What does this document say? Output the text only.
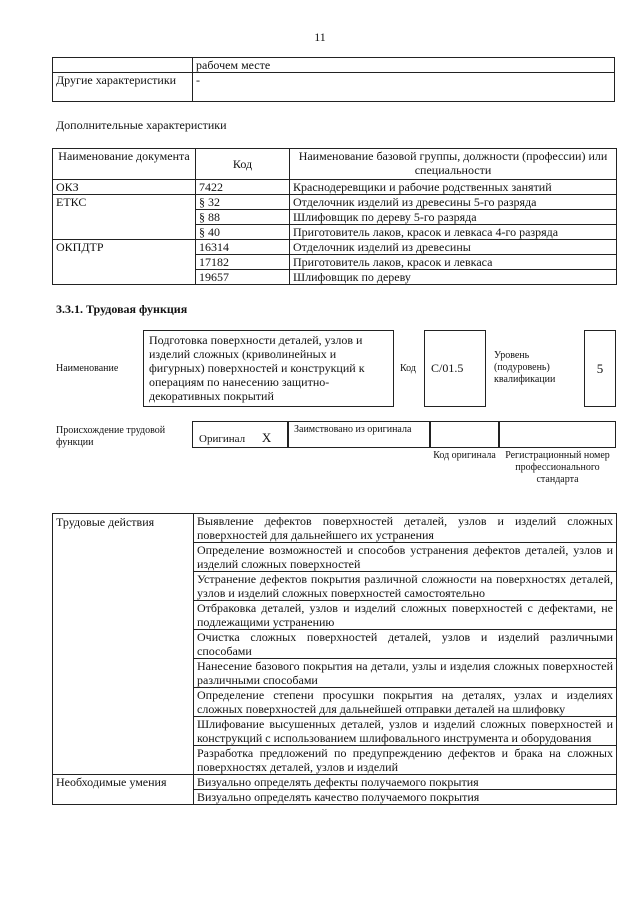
11
	рабочем месте
Другие характеристики	-
Дополнительные характеристики
Наименование документа	Код	Наименование базовой группы, должности (профессии) или специальности
ОКЗ	7422	Краснодеревщики и рабочие родственных занятий
ЕТКС	§ 32	Отделочник изделий из древесины 5-го разряда
	§ 88	Шлифовщик по дереву 5-го разряда
	§ 40	Приготовитель лаков, красок и левкаса 4-го разряда
ОКПДТР	16314	Отделочник изделий из древесины
	17182	Приготовитель лаков, красок и левкаса
	19657	Шлифовщик по дереву
3.3.1. Трудовая функция
Наименование
Подготовка поверхности деталей, узлов и изделий сложных (криволинейных и фигурных) поверхностей и конструкций к операциям по нанесению защитно-декоративных покрытий
Код	C/01.5
Уровень (подуровень) квалификации
5
Происхождение трудовой функции	Оригинал X
Заимствовано из оригинала
Код оригинала Регистрационный номер профессионального стандарта
Трудовые действия	Выявление дефектов поверхностей деталей, узлов и изделий сложных поверхностей для дальнейшего их устранения
	Определение возможностей и способов устранения дефектов деталей, узлов и изделий сложных поверхностей
	Устранение дефектов покрытия различной сложности на поверхностях деталей, узлов и изделий сложных поверхностей самостоятельно
	Отбраковка деталей, узлов и изделий сложных поверхностей с дефектами, не подлежащими устранению
	Очистка сложных поверхностей деталей, узлов и изделий различными способами
	Нанесение базового покрытия на детали, узлы и изделия сложных поверхностей различными способами
	Определение степени просушки покрытия на деталях, узлах и изделиях сложных поверхностей для дальнейшей отправки деталей на шлифовку
	Шлифование высушенных деталей, узлов и изделий сложных поверхностей и конструкций с использованием шлифовального инструмента и оборудования
	Разработка предложений по предупреждению дефектов и брака на сложных поверхностях деталей, узлов и изделий
Необходимые умения	Визуально определять дефекты получаемого покрытия
	Визуально определять качество получаемого покрытия
